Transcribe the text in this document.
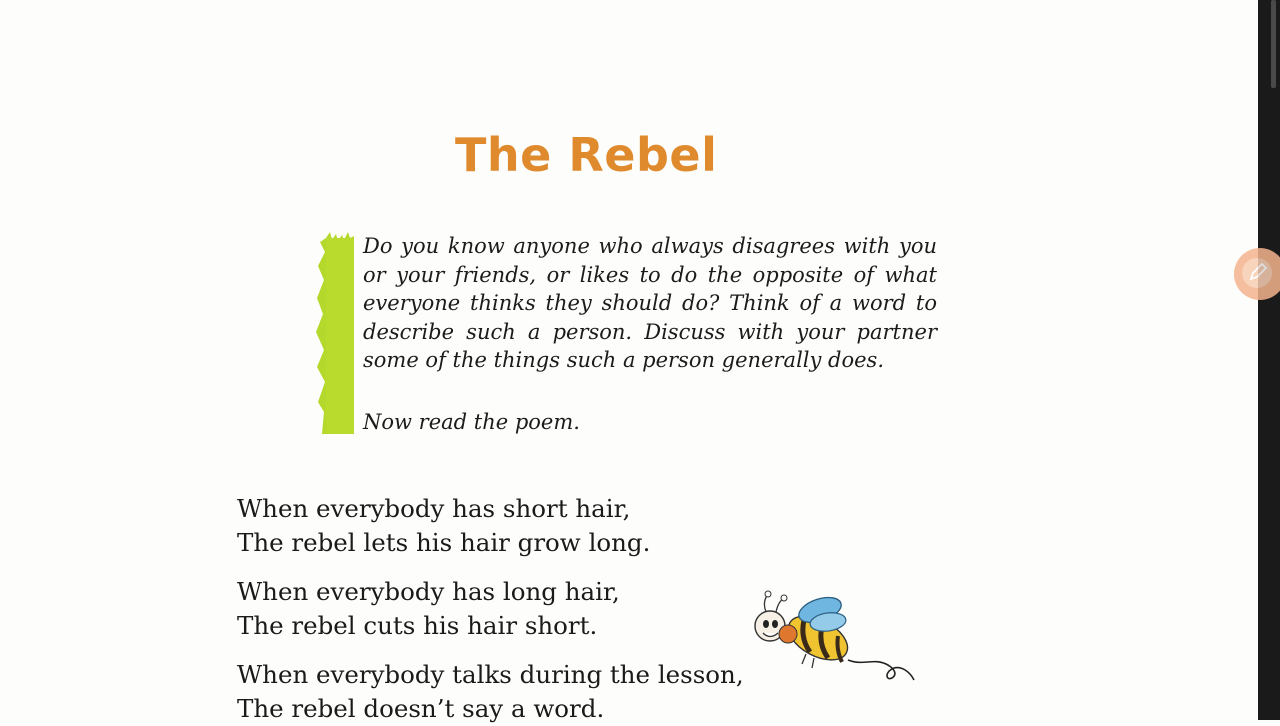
The Rebel

Do you know anyone who always disagrees with you or your friends, or likes to do the opposite of what everyone thinks they should do? Think of a word to describe such a person. Discuss with your partner some of the things such a person generally does.

Now read the poem.

When everybody has short hair,
The rebel lets his hair grow long.
When everybody has long hair,
The rebel cuts his hair short.
When everybody talks during the lesson,
The rebel doesn’t say a word.
